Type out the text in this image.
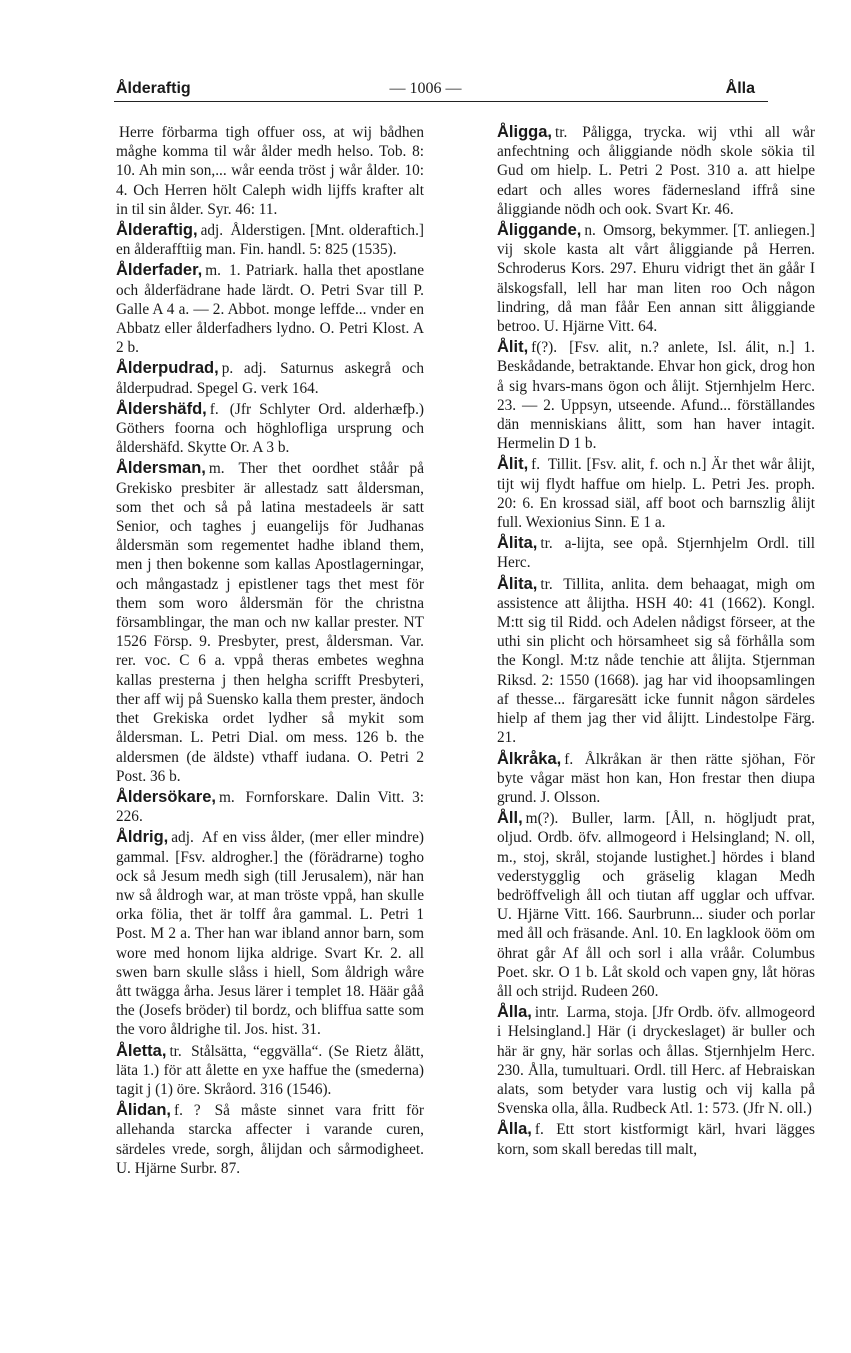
Ålderaftig	— 1006 —	Ålla

Herre förbarma tigh offuer oss, at wij bådhen måghe komma til wår ålder medh helso. Tob. 8: 10. Ah min son,... wår eenda tröst j wår ålder. 10: 4. Och Herren hölt Caleph widh lijffs krafter alt in til sin ålder. Syr. 46: 11.

Ålderaftig, adj. Ålderstigen. [Mnt. olderaftich.] en ålderafftiig man. Fin. handl. 5: 825 (1535).

Ålderfader, m. 1. Patriark. halla thet apostlane och ålderfädrane hade lärdt. O. Petri Svar till P. Galle A 4 a. — 2. Abbot. monge leffde... vnder en Abbatz eller ålderfadhers lydno. O. Petri Klost. A 2 b.

Ålderpudrad, p. adj. Saturnus askegrå och ålderpudrad. Spegel G. verk 164.

Åldershäfd, f. (Jfr Schlyter Ord. alderhæfþ.) Göthers foorna och höghlofliga ursprung och åldershäfd. Skytte Or. A 3 b.

Åldersman, m. Ther thet oordhet ståår på Grekisko presbiter är allestadz satt åldersman, som thet och så på latina mestadeels är satt Senior, och taghes j euangelijs för Judhanas åldersmän som regementet hadhe ibland them, men j then bokenne som kallas Apostlagerningar, och mångastadz j epistlener tags thet mest för them som woro åldersmän för the christna församblingar, the man och nw kallar prester. NT 1526 Försp. 9. Presbyter, prest, åldersman. Var. rer. voc. C 6 a. vppå theras embetes weghna kallas presterna j then helgha scrifft Presbyteri, ther aff wij på Suensko kalla them prester, ändoch thet Grekiska ordet lydher så mykit som åldersman. L. Petri Dial. om mess. 126 b. the aldersmen (de äldste) vthaff iudana. O. Petri 2 Post. 36 b.

Åldersökare, m. Fornforskare. Dalin Vitt. 3: 226.

Åldrig, adj. Af en viss ålder, (mer eller mindre) gammal. [Fsv. aldrogher.] the (förädrarne) togho ock så Jesum medh sigh (till Jerusalem), när han nw så åldrogh war, at man tröste vppå, han skulle orka fölia, thet är tolff åra gammal. L. Petri 1 Post. M 2 a. Ther han war ibland annor barn, som wore med honom lijka aldrige. Svart Kr. 2. all swen barn skulle slåss i hiell, Som åldrigh wåre ått twägga årha. Jesus lärer i templet 18. Häär gåå the (Josefs bröder) til bordz, och bliffua satte som the voro åldrighe til. Jos. hist. 31.

Åletta, tr. Stålsätta, “eggvälla“. (Se Rietz ålätt, läta 1.) för att ålette en yxe haffue the (smederna) tagit j (1) öre. Skråord. 316 (1546).

Ålidan, f. ? Så måste sinnet vara fritt för allehanda starcka affecter i varande curen, särdeles vrede, sorgh, ålijdan och sårmodigheet. U. Hjärne Surbr. 87.

Åligga, tr. Påligga, trycka. wij vthi all wår anfechtning och åliggiande nödh skole sökia til Gud om hielp. L. Petri 2 Post. 310 a. att hielpe edart och alles wores fädernesland iffrå sine åliggiande nödh och ook. Svart Kr. 46.

Åliggande, n. Omsorg, bekymmer. [T. anliegen.] vij skole kasta alt vårt åliggiande på Herren. Schroderus Kors. 297. Ehuru vidrigt thet än gåår I älskogsfall, lell har man liten roo Och någon lindring, då man fåår Een annan sitt åliggiande betroo. U. Hjärne Vitt. 64.

Ålit, f(?). [Fsv. alit, n.? anlete, Isl. álit, n.] 1. Beskådande, betraktande. Ehvar hon gick, drog hon å sig hvars-mans ögon och ålijt. Stjernhjelm Herc. 23. — 2. Uppsyn, utseende. Afund... förställandes dän menniskians ålitt, som han haver intagit. Hermelin D 1 b.

Ålit, f. Tillit. [Fsv. alit, f. och n.] Är thet wår ålijt, tijt wij flydt haffue om hielp. L. Petri Jes. proph. 20: 6. En krossad siäl, aff boot och barnszlig ålijt full. Wexionius Sinn. E 1 a.

Ålita, tr. a-lijta, see opå. Stjernhjelm Ordl. till Herc.

Ålita, tr. Tillita, anlita. dem behaagat, migh om assistence att ålijtha. HSH 40: 41 (1662). Kongl. M:tt sig til Ridd. och Adelen nådigst förseer, at the uthi sin plicht och hörsamheet sig så förhålla som the Kongl. M:tz nåde tenchie att ålijta. Stjernman Riksd. 2: 1550 (1668). jag har vid ihoopsamlingen af thesse... färgaresätt icke funnit någon särdeles hielp af them jag ther vid ålijtt. Lindestolpe Färg. 21.

Ålkråka, f. Ålkråkan är then rätte sjöhan, För byte vågar mäst hon kan, Hon frestar then diupa grund. J. Olsson.

Åll, m(?). Buller, larm. [Åll, n. högljudt prat, oljud. Ordb. öfv. allmogeord i Helsingland; N. oll, m., stoj, skrål, stojande lustighet.] hördes i bland vederstygglig och gräselig klagan Medh bedröffveligh åll och tiutan aff ugglar och uffvar. U. Hjärne Vitt. 166. Saurbrunn... siuder och porlar med åll och fräsande. Anl. 10. En lagklook ööm om öhrat går Af åll och sorl i alla vråår. Columbus Poet. skr. O 1 b. Låt skold och vapen gny, låt höras åll och strijd. Rudeen 260.

Ålla, intr. Larma, stoja. [Jfr Ordb. öfv. allmogeord i Helsingland.] Här (i dryckeslaget) är buller och här är gny, här sorlas och ållas. Stjernhjelm Herc. 230. Ålla, tumultuari. Ordl. till Herc. af Hebraiskan alats, som betyder vara lustig och vij kalla på Svenska olla, ålla. Rudbeck Atl. 1: 573. (Jfr N. oll.)

Ålla, f. Ett stort kistformigt kärl, hvari lägges korn, som skall beredas till malt,
